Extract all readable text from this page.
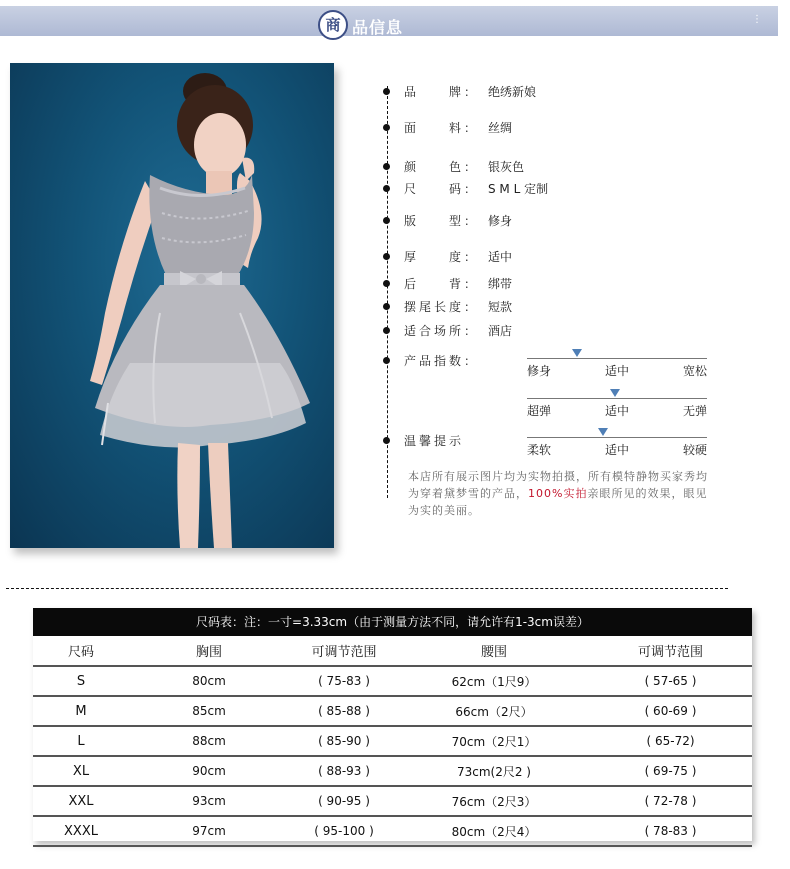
商 品信息	⋮
品　　牌： 绝绣新娘
面　　料： 丝绸
颜　　色： 银灰色
尺　　码： S M L 定制
版　　型： 修身
厚　　度： 适中
后　　背： 绑带
摆尾长度： 短款
适合场所： 酒店
产品指数：
温馨提示
修身	适中	宽松
超弹	适中	无弹
柔软	适中	较硬
本店所有展示图片均为实物拍摄，所有模特静物买家秀均为穿着黛梦雪的产品，100%实拍亲眼所见的效果，眼见为实的美丽。
尺码表：注：一寸=3.33cm（由于测量方法不同，请允许有1-3cm误差）
尺码	胸围	可调节范围	腰围	可调节范围
S	80cm	( 75-83 )	62cm（1尺9）	( 57-65 )
M	85cm	( 85-88 )	66cm（2尺）	( 60-69 )
L	88cm	( 85-90 )	70cm（2尺1）	( 65-72)
XL	90cm	( 88-93 )	73cm(2尺2 )	( 69-75 )
XXL	93cm	( 90-95 )	76cm（2尺3）	( 72-78 )
XXXL	97cm	( 95-100 )	80cm（2尺4）	( 78-83 )
